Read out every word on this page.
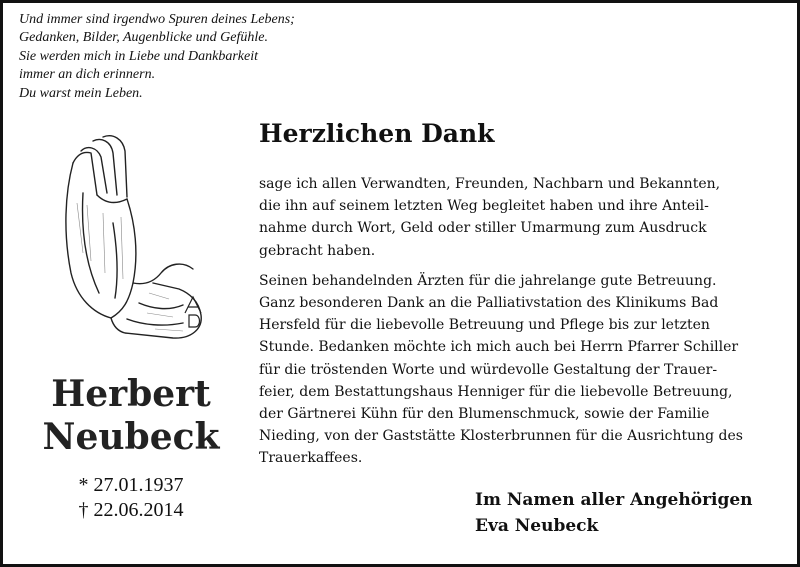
Und immer sind irgendwo Spuren deines Lebens;
Gedanken, Bilder, Augenblicke und Gefühle.
Sie werden mich in Liebe und Dankbarkeit
immer an dich erinnern.
Du warst mein Leben.
Herbert
Neubeck
* 27.01.1937
† 22.06.2014
Herzlichen Dank
sage ich allen Verwandten, Freunden, Nachbarn und Bekannten,
die ihn auf seinem letzten Weg begleitet haben und ihre Anteil-
nahme durch Wort, Geld oder stiller Umarmung zum Ausdruck
gebracht haben.
Seinen behandelnden Ärzten für die jahrelange gute Betreuung.
Ganz besonderen Dank an die Palliativstation des Klinikums Bad
Hersfeld für die liebevolle Betreuung und Pflege bis zur letzten
Stunde. Bedanken möchte ich mich auch bei Herrn Pfarrer Schiller
für die tröstenden Worte und würdevolle Gestaltung der Trauer-
feier, dem Bestattungshaus Henniger für die liebevolle Betreuung,
der Gärtnerei Kühn für den Blumenschmuck, sowie der Familie
Nieding, von der Gaststätte Klosterbrunnen für die Ausrichtung des
Trauerkaffees.
Im Namen aller Angehörigen
Eva Neubeck
